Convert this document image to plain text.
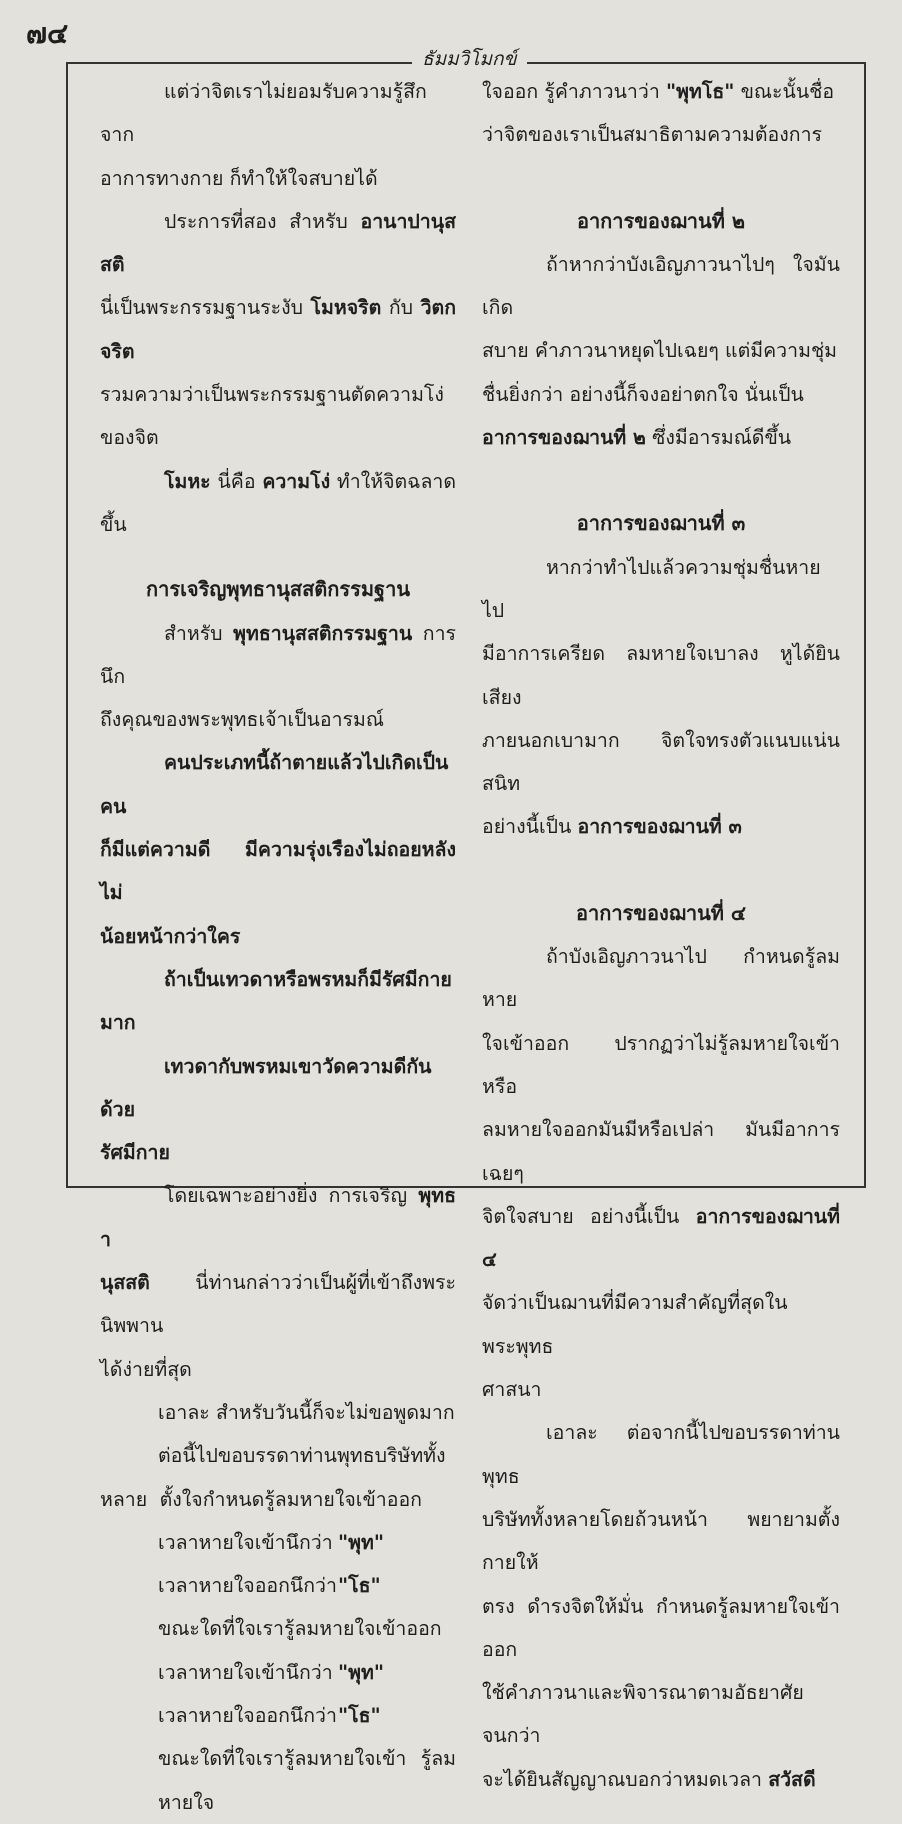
๗๔
ธัมมวิโมกข์

แต่ว่าจิตเราไม่ยอมรับความรู้สึกจาก

อาการทางกาย ก็ทำให้ใจสบายได้

ประการที่สอง สำหรับ อานาปานุสสติ

นี่เป็นพระกรรมฐานระงับ โมหจริต กับ วิตกจริต

รวมความว่าเป็นพระกรรมฐานตัดความโง่ของจิต

โมหะ นี่คือ ความโง่ ทำให้จิตฉลาดขึ้น

การเจริญพุทธานุสสติกรรมฐาน

สำหรับ พุทธานุสสติกรรมฐาน การนึก

ถึงคุณของพระพุทธเจ้าเป็นอารมณ์

คนประเภทนี้ถ้าตายแล้วไปเกิดเป็นคน

ก็มีแต่ความดี มีความรุ่งเรืองไม่ถอยหลัง ไม่

น้อยหน้ากว่าใคร

ถ้าเป็นเทวดาหรือพรหมก็มีรัศมีกายมาก

เทวดากับพรหมเขาวัดความดีกันด้วย

รัศมีกาย

โดยเฉพาะอย่างยิ่ง การเจริญ พุทธา

นุสสติ นี่ท่านกล่าวว่าเป็นผู้ที่เข้าถึงพระนิพพาน

ได้ง่ายที่สุด

เอาละ สำหรับวันนี้ก็จะไม่ขอพูดมาก

ต่อนี้ไปขอบรรดาท่านพุทธบริษัททั้ง

หลาย ตั้งใจกำหนดรู้ลมหายใจเข้าออก

เวลาหายใจเข้านึกว่า "พุท"
เวลาหายใจออกนึกว่า "โธ"

ขณะใดที่ใจเรารู้ลมหายใจเข้าออก

เวลาหายใจเข้านึกว่า "พุท"
เวลาหายใจออกนึกว่า "โธ"

ขณะใดที่ใจเรารู้ลมหายใจเข้า รู้ลมหายใจ

ใจออก รู้คำภาวนาว่า "พุทโธ" ขณะนั้นชื่อ

ว่าจิตของเราเป็นสมาธิตามความต้องการ

อาการของฌานที่ ๒

ถ้าหากว่าบังเอิญภาวนาไปๆ ใจมันเกิด

สบาย คำภาวนาหยุดไปเฉยๆ แต่มีความชุ่ม

ชื่นยิ่งกว่า อย่างนี้ก็จงอย่าตกใจ นั่นเป็น

อาการของฌานที่ ๒ ซึ่งมีอารมณ์ดีขึ้น

อาการของฌานที่ ๓

หากว่าทำไปแล้วความชุ่มชื่นหายไป

มีอาการเครียด ลมหายใจเบาลง หูได้ยินเสียง

ภายนอกเบามาก จิตใจทรงตัวแนบแน่นสนิท

อย่างนี้เป็น อาการของฌานที่ ๓

อาการของฌานที่ ๔

ถ้าบังเอิญภาวนาไป กำหนดรู้ลมหาย

ใจเข้าออก ปรากฏว่าไม่รู้ลมหายใจเข้า หรือ

ลมหายใจออกมันมีหรือเปล่า มันมีอาการเฉยๆ

จิตใจสบาย อย่างนี้เป็น อาการของฌานที่ ๔

จัดว่าเป็นฌานที่มีความสำคัญที่สุดในพระพุทธ

ศาสนา

เอาละ ต่อจากนี้ไปขอบรรดาท่านพุทธ

บริษัททั้งหลายโดยถ้วนหน้า พยายามตั้งกายให้

ตรง ดำรงจิตให้มั่น กำหนดรู้ลมหายใจเข้าออก

ใช้คำภาวนาและพิจารณาตามอัธยาศัย จนกว่า

จะได้ยินสัญญาณบอกว่าหมดเวลา สวัสดี
